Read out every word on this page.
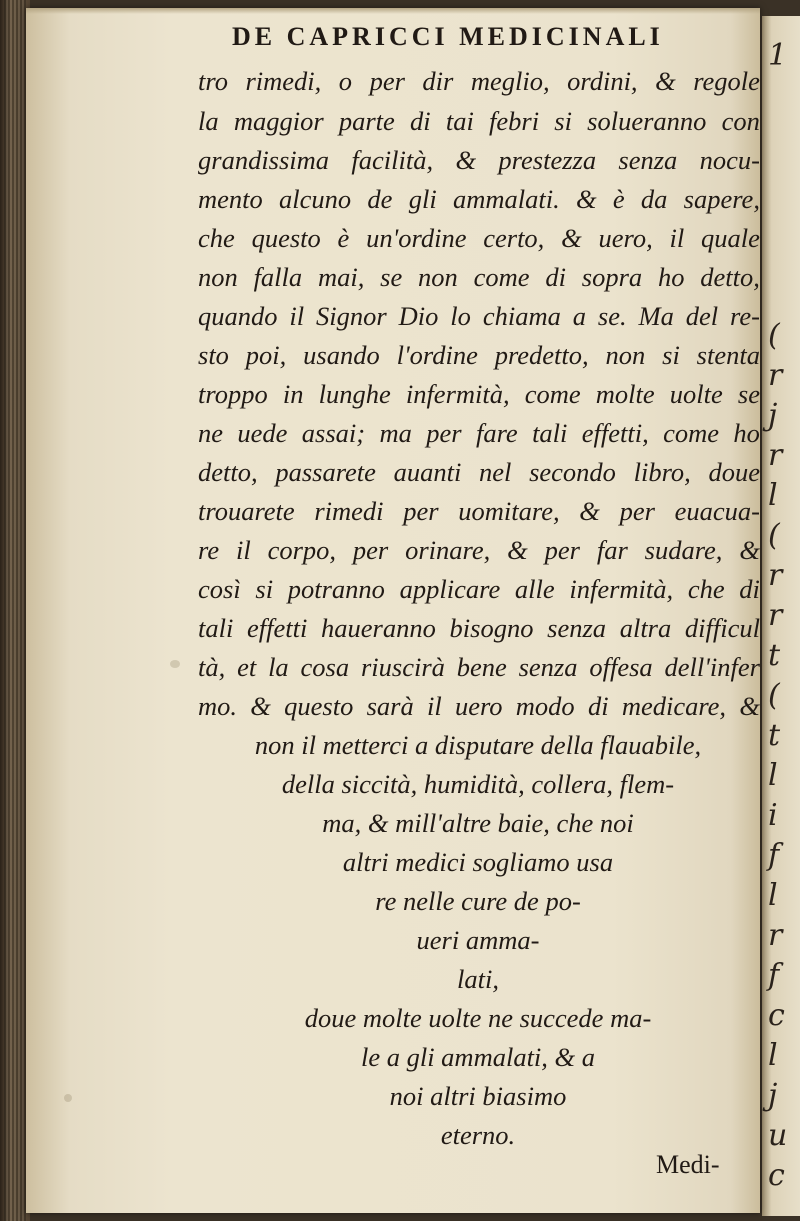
1
(
r
j
r
l
(
r
r
t
(
t
l
i
f
l
r
f
c
l
j
u
c
DE CAPRICCI MEDICINALI
tro rimedi, o per dir meglio, ordini, & regole
la maggior parte di tai febri si solueranno con
grandissima facilità, & prestezza senza nocu-
mento alcuno de gli ammalati. & è da sapere,
che questo è un'ordine certo, & uero, il quale
non falla mai, se non come di sopra ho detto,
quando il Signor Dio lo chiama a se. Ma del re-
sto poi, usando l'ordine predetto, non si stenta
troppo in lunghe infermità, come molte uolte se
ne uede assai; ma per fare tali effetti, come ho
detto, passarete auanti nel secondo libro, doue
trouarete rimedi per uomitare, & per euacua-
re il corpo, per orinare, & per far sudare, &
così si potranno applicare alle infermità, che di
tali effetti haueranno bisogno senza altra difficul
tà, et la cosa riuscirà bene senza offesa dell'infer
mo. & questo sarà il uero modo di medicare, &
non il metterci a disputare della flauabile,
della siccità, humidità, collera, flem-
ma, & mill'altre baie, che noi
altri medici sogliamo usa
re nelle cure de po-
ueri amma-
lati,
doue molte uolte ne succede ma-
le a gli ammalati, & a
noi altri biasimo
eterno.
Medi-
